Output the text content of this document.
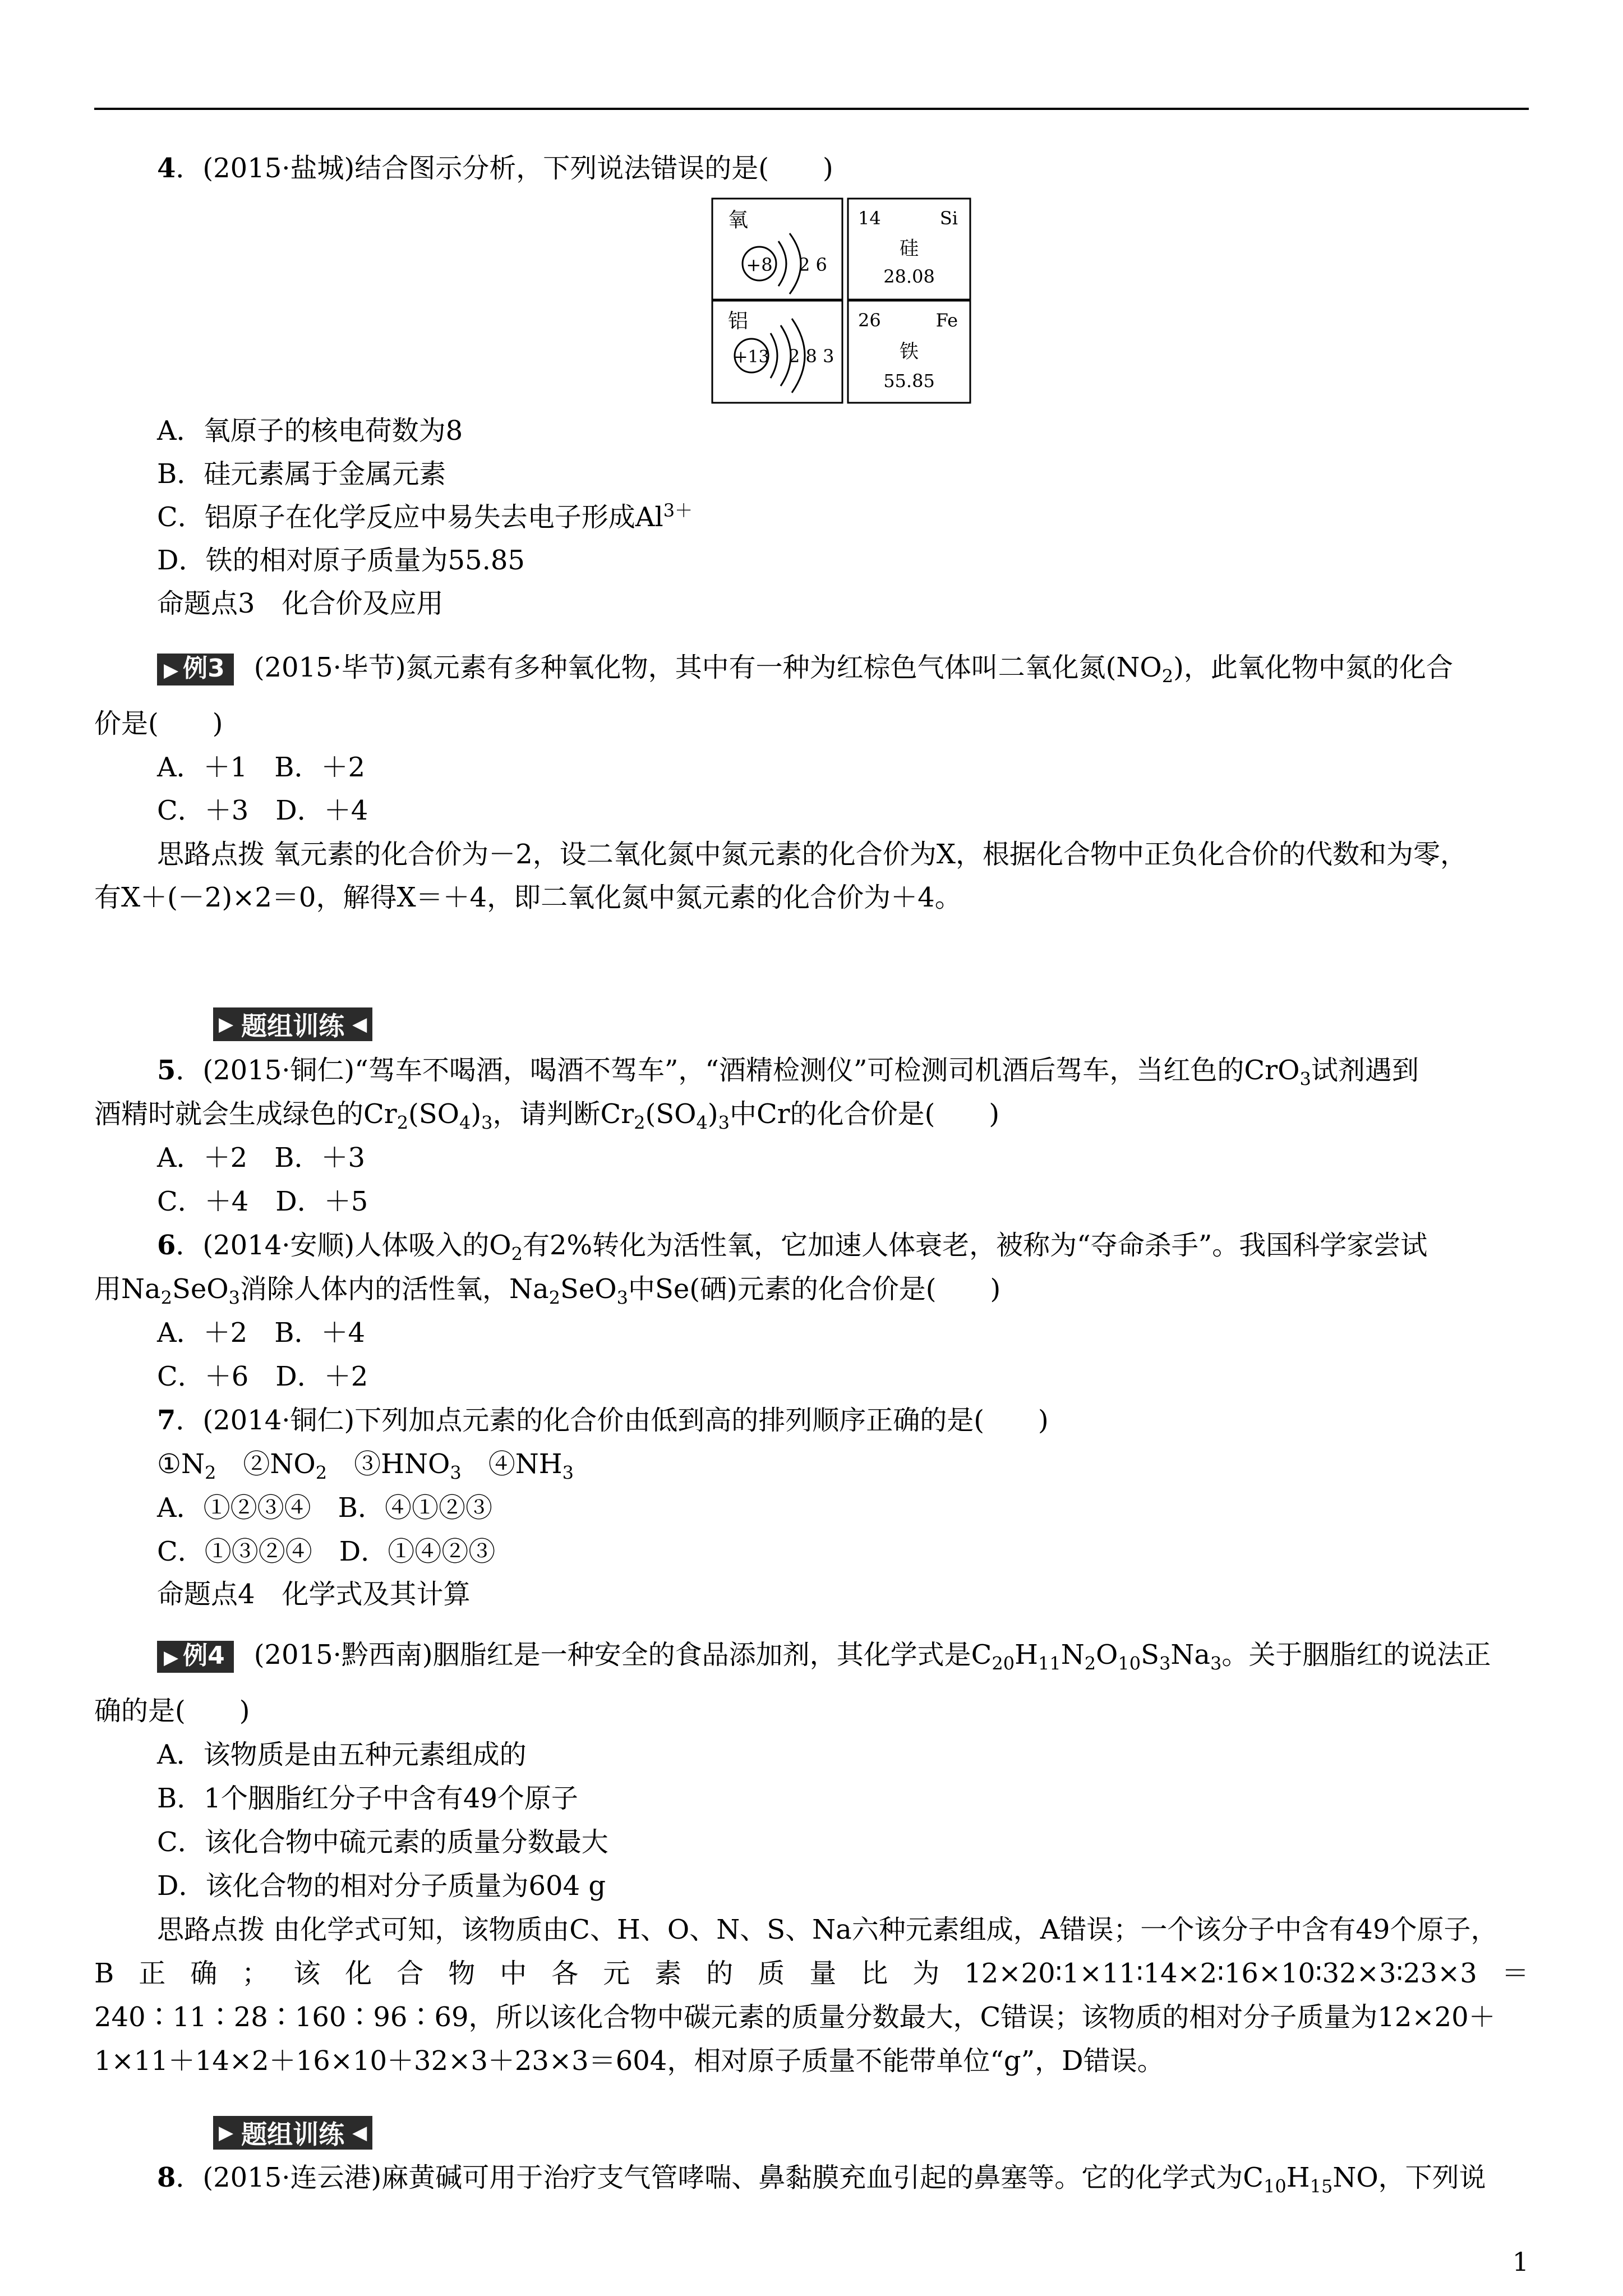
4．(2015·盐城)结合图示分析，下列说法错误的是(　　)
氧
+8 2 6
铝
+13 2 8 3
14	Si
硅
28.08
26	Fe
铁
55.85
A．氧原子的核电荷数为8
B．硅元素属于金属元素
C．铝原子在化学反应中易失去电子形成$Al^{3+}$
D．铁的相对原子质量为55.85
命题点3　化合价及应用
▶ 例3 (2015·毕节)氮元素有多种氧化物，其中有一种为红棕色气体叫二氧化氮$(NO_2)$，此氧化物中氮的化合
价是(　　)
A．＋1　B．＋2
C．＋3　D．＋4
思路点拨 氧元素的化合价为－2，设二氧化氮中氮元素的化合价为X，根据化合物中正负化合价的代数和为零，
有X＋(－2)×2＝0，解得X＝＋4，即二氧化氮中氮元素的化合价为＋4。
▶ 题组训练 ◀
5．(2015·铜仁)“驾车不喝酒，喝酒不驾车”，“酒精检测仪”可检测司机酒后驾车，当红色的CrO$_3$试剂遇到
酒精时就会生成绿色的$Cr_2(SO_4)_3$，请判断$Cr_2(SO_4)_3$中Cr的化合价是(　　)
A．＋2　B．＋3
C．＋4　D．＋5
6．(2014·安顺)人体吸入的$O_2$有2%转化为活性氧，它加速人体衰老，被称为“夺命杀手”。我国科学家尝试
用$Na_2SeO_3$消除人体内的活性氧，$Na_2SeO_3$中Se(硒)元素的化合价是(　　)
A．＋2　B．＋4
C．＋6　D．＋2
7．(2014·铜仁)下列加点元素的化合价由低到高的排列顺序正确的是(　　)
$①N_2$　$②NO_2$　$③HNO_3$　$④NH_3$
A．①②③④　B．④①②③
C．①③②④　D．①④②③
命题点4　化学式及其计算
▶ 例4 (2015·黔西南)胭脂红是一种安全的食品添加剂，其化学式是$C_{20}H_{11}N_2O_{10}S_3Na_3$。关于胭脂红的说法正
确的是(　　)
A．该物质是由五种元素组成的
B．1个胭脂红分子中含有49个原子
C．该化合物中硫元素的质量分数最大
D．该化合物的相对分子质量为604 g
思路点拨 由化学式可知，该物质由C、H、O、N、S、Na六种元素组成，A错误；一个该分子中含有49个原子，
B 正 确 ； 该 化 合 物 中 各 元 素 的 质 量 比 为 12×20∶1×11∶14×2∶16×10∶32×3∶23×3 ＝
240∶11∶28∶160∶96∶69，所以该化合物中碳元素的质量分数最大，C错误；该物质的相对分子质量为12×20＋
1×11＋14×2＋16×10＋32×3＋23×3＝604，相对原子质量不能带单位“g”，D错误。
▶ 题组训练 ◀
8．(2015·连云港)麻黄碱可用于治疗支气管哮喘、鼻黏膜充血引起的鼻塞等。它的化学式为$C_{10}H_{15}NO$，下列说
1
